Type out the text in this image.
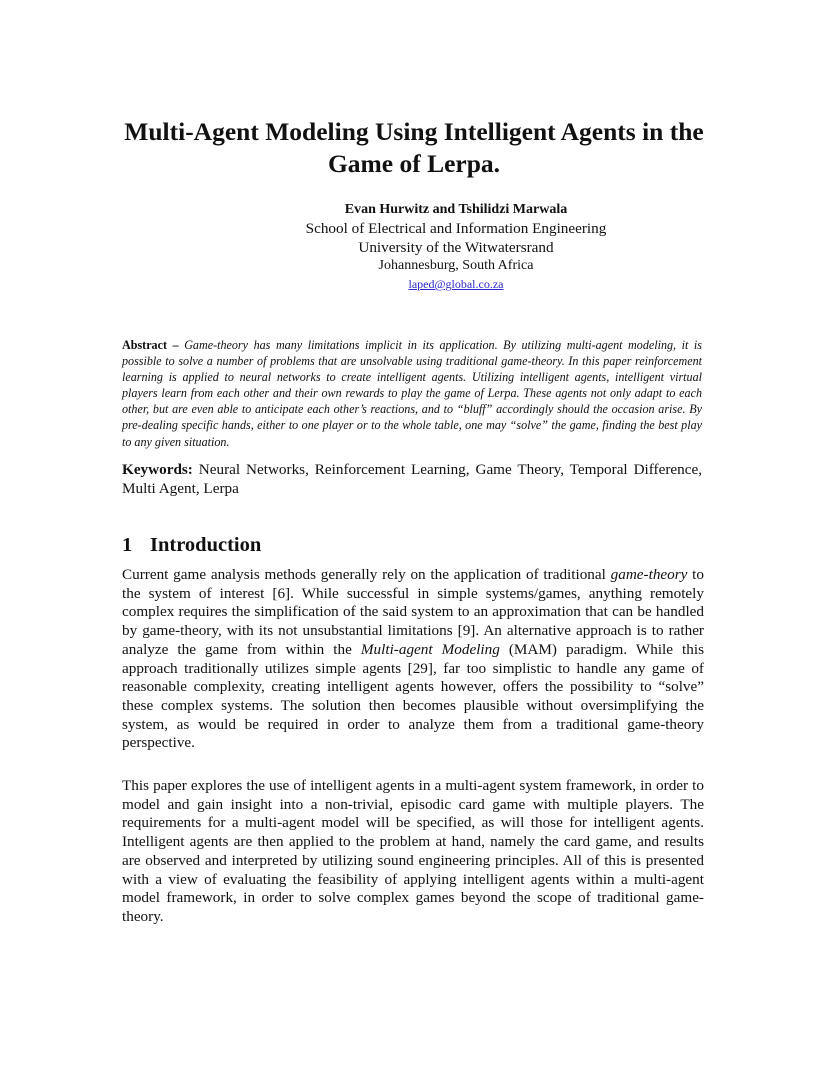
Multi-Agent Modeling Using Intelligent Agents in the Game of Lerpa.
Evan Hurwitz and Tshilidzi Marwala
School of Electrical and Information Engineering
University of the Witwatersrand
Johannesburg, South Africa
laped@global.co.za

Abstract – Game-theory has many limitations implicit in its application. By utilizing multi-agent modeling, it is possible to solve a number of problems that are unsolvable using traditional game-theory. In this paper reinforcement learning is applied to neural networks to create intelligent agents. Utilizing intelligent agents, intelligent virtual players learn from each other and their own rewards to play the game of Lerpa. These agents not only adapt to each other, but are even able to anticipate each other’s reactions, and to “bluff” accordingly should the occasion arise. By pre-dealing specific hands, either to one player or to the whole table, one may “solve” the game, finding the best play to any given situation.

Keywords: Neural Networks, Reinforcement Learning, Game Theory, Temporal Difference, Multi Agent, Lerpa

1 Introduction

Current game analysis methods generally rely on the application of traditional game-theory to the system of interest [6]. While successful in simple systems/games, anything remotely complex requires the simplification of the said system to an approximation that can be handled by game-theory, with its not unsubstantial limitations [9]. An alternative approach is to rather analyze the game from within the Multi-agent Modeling (MAM) paradigm. While this approach traditionally utilizes simple agents [29], far too simplistic to handle any game of reasonable complexity, creating intelligent agents however, offers the possibility to “solve” these complex systems. The solution then becomes plausible without oversimplifying the system, as would be required in order to analyze them from a traditional game-theory perspective.

This paper explores the use of intelligent agents in a multi-agent system framework, in order to model and gain insight into a non-trivial, episodic card game with multiple players. The requirements for a multi-agent model will be specified, as will those for intelligent agents. Intelligent agents are then applied to the problem at hand, namely the card game, and results are observed and interpreted by utilizing sound engineering principles. All of this is presented with a view of evaluating the feasibility of applying intelligent agents within a multi-agent model framework, in order to solve complex games beyond the scope of traditional game-theory.
